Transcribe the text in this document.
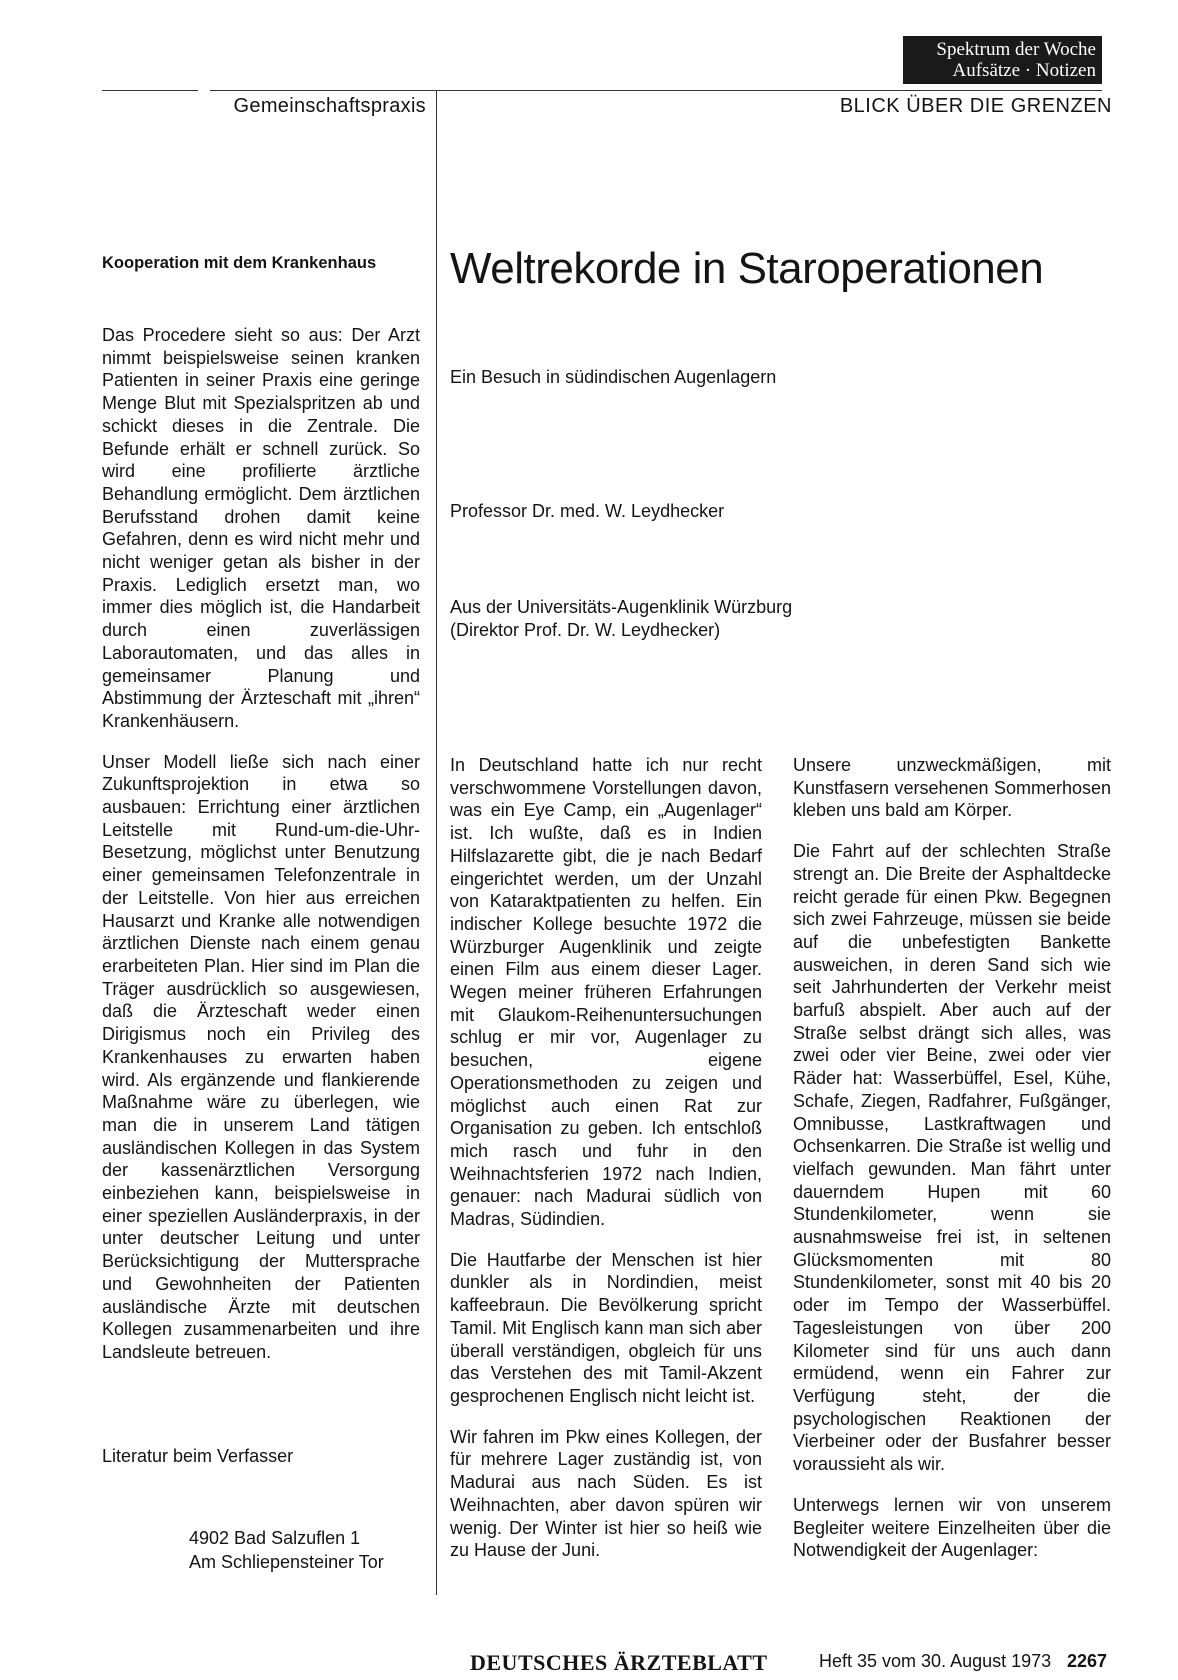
Spektrum der Woche
Aufsätze · Notizen
Gemeinschaftspraxis	BLICK ÜBER DIE GRENZEN
Kooperation mit dem Krankenhaus

Das Procedere sieht so aus: Der Arzt nimmt beispielsweise seinen kranken Patienten in seiner Praxis eine geringe Menge Blut mit Spezialspritzen ab und schickt dieses in die Zentrale. Die Befunde erhält er schnell zurück. So wird eine profilierte ärztliche Behandlung ermöglicht. Dem ärztlichen Berufsstand drohen damit keine Gefahren, denn es wird nicht mehr und nicht weniger getan als bisher in der Praxis. Lediglich ersetzt man, wo immer dies möglich ist, die Handarbeit durch einen zuverlässigen Laborautomaten, und das alles in gemeinsamer Planung und Abstimmung der Ärzteschaft mit „ihren“ Krankenhäusern.

Unser Modell ließe sich nach einer Zukunftsprojektion in etwa so ausbauen: Errichtung einer ärztlichen Leitstelle mit Rund-um-die-Uhr-Besetzung, möglichst unter Benutzung einer gemeinsamen Telefonzentrale in der Leitstelle. Von hier aus erreichen Hausarzt und Kranke alle notwendigen ärztlichen Dienste nach einem genau erarbeiteten Plan. Hier sind im Plan die Träger ausdrücklich so ausgewiesen, daß die Ärzteschaft weder einen Dirigismus noch ein Privileg des Krankenhauses zu erwarten haben wird. Als ergänzende und flankierende Maßnahme wäre zu überlegen, wie man die in unserem Land tätigen ausländischen Kollegen in das System der kassenärztlichen Versorgung einbeziehen kann, beispielsweise in einer speziellen Ausländerpraxis, in der unter deutscher Leitung und unter Berücksichtigung der Muttersprache und Gewohnheiten der Patienten ausländische Ärzte mit deutschen Kollegen zusammenarbeiten und ihre Landsleute betreuen.

Literatur beim Verfasser
4902 Bad Salzuflen 1
Am Schliepensteiner Tor
Weltrekorde in Staroperationen
Ein Besuch in südindischen Augenlagern
Professor Dr. med. W. Leydhecker
Aus der Universitäts-Augenklinik Würzburg
(Direktor Prof. Dr. W. Leydhecker)

In Deutschland hatte ich nur recht verschwommene Vorstellungen davon, was ein Eye Camp, ein „Augenlager“ ist. Ich wußte, daß es in Indien Hilfslazarette gibt, die je nach Bedarf eingerichtet werden, um der Unzahl von Kataraktpatienten zu helfen. Ein indischer Kollege besuchte 1972 die Würzburger Augenklinik und zeigte einen Film aus einem dieser Lager. Wegen meiner früheren Erfahrungen mit Glaukom-Reihenuntersuchungen schlug er mir vor, Augenlager zu besuchen, eigene Operationsmethoden zu zeigen und möglichst auch einen Rat zur Organisation zu geben. Ich entschloß mich rasch und fuhr in den Weihnachtsferien 1972 nach Indien, genauer: nach Madurai südlich von Madras, Südindien.

Die Hautfarbe der Menschen ist hier dunkler als in Nordindien, meist kaffeebraun. Die Bevölkerung spricht Tamil. Mit Englisch kann man sich aber überall verständigen, obgleich für uns das Verstehen des mit Tamil-Akzent gesprochenen Englisch nicht leicht ist.

Wir fahren im Pkw eines Kollegen, der für mehrere Lager zuständig ist, von Madurai aus nach Süden. Es ist Weihnachten, aber davon spüren wir wenig. Der Winter ist hier so heiß wie zu Hause der Juni.

Unsere unzweckmäßigen, mit Kunstfasern versehenen Sommerhosen kleben uns bald am Körper.

Die Fahrt auf der schlechten Straße strengt an. Die Breite der Asphaltdecke reicht gerade für einen Pkw. Begegnen sich zwei Fahrzeuge, müssen sie beide auf die unbefestigten Bankette ausweichen, in deren Sand sich wie seit Jahrhunderten der Verkehr meist barfuß abspielt. Aber auch auf der Straße selbst drängt sich alles, was zwei oder vier Beine, zwei oder vier Räder hat: Wasserbüffel, Esel, Kühe, Schafe, Ziegen, Radfahrer, Fußgänger, Omnibusse, Lastkraftwagen und Ochsenkarren. Die Straße ist wellig und vielfach gewunden. Man fährt unter dauerndem Hupen mit 60 Stundenkilometer, wenn sie ausnahmsweise frei ist, in seltenen Glücksmomenten mit 80 Stundenkilometer, sonst mit 40 bis 20 oder im Tempo der Wasserbüffel. Tagesleistungen von über 200 Kilometer sind für uns auch dann ermüdend, wenn ein Fahrer zur Verfügung steht, der die psychologischen Reaktionen der Vierbeiner oder der Busfahrer besser voraussieht als wir.

Unterwegs lernen wir von unserem Begleiter weitere Einzelheiten über die Notwendigkeit der Augenlager:

DEUTSCHES ÄRZTEBLATT	Heft 35 vom 30. August 1973 2267
